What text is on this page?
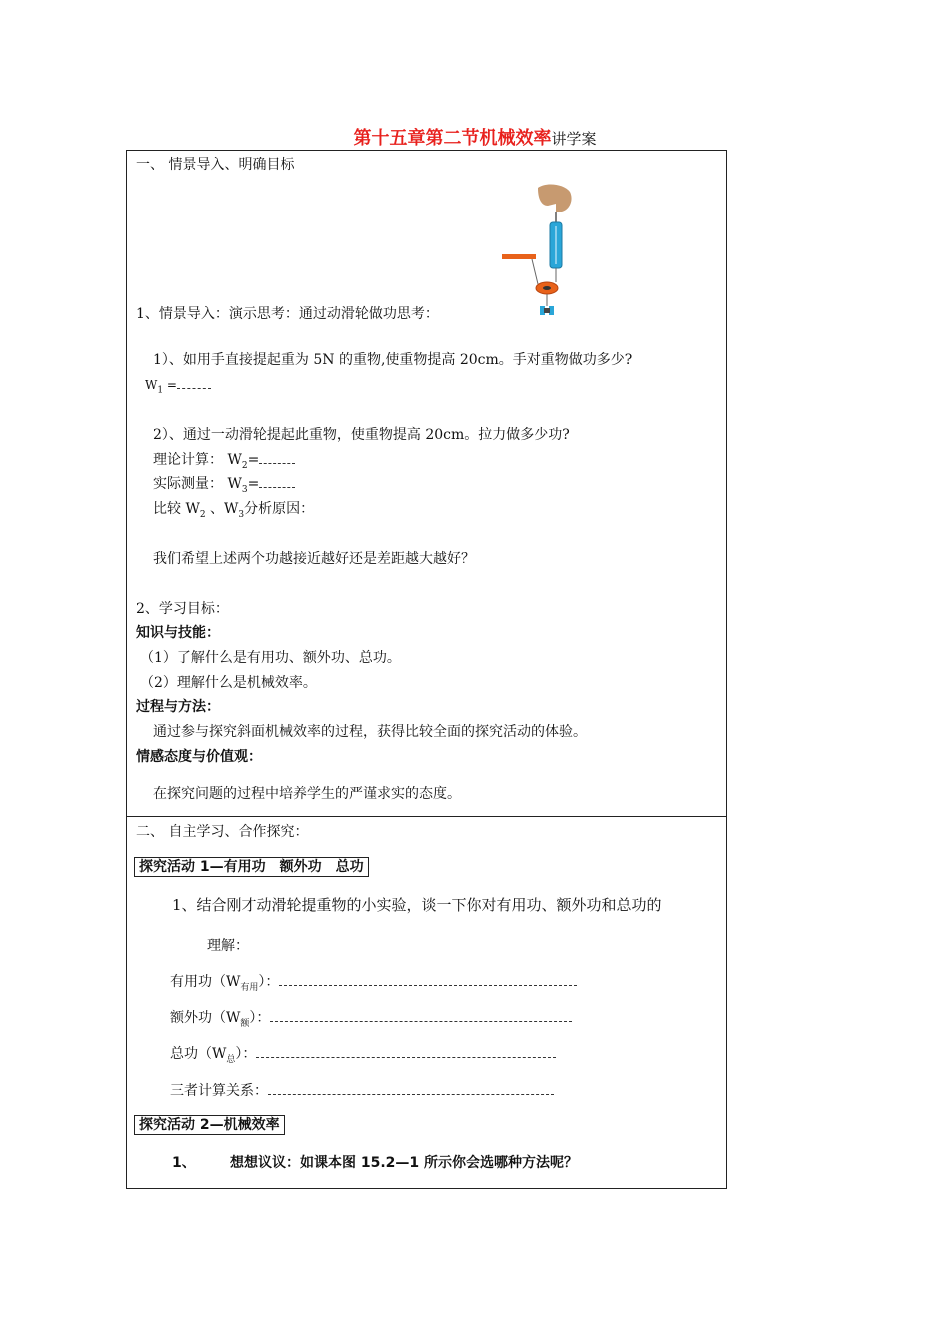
第十五章第二节机械效率讲学案
一、 情景导入、明确目标
1、情景导入：演示思考：通过动滑轮做功思考：
1）、如用手直接提起重为 5N 的重物,使重物提高 20cm。手对重物做功多少?
$W_1$ =
2）、通过一动滑轮提起此重物，使重物提高 20cm。拉力做多少功?
理论计算： $W_2=$
实际测量： $W_3=$
比较 $W_2$ 、$W_3$分析原因：
我们希望上述两个功越接近越好还是差距越大越好？
2、学习目标：
知识与技能：
（1）了解什么是有用功、额外功、总功。
（2）理解什么是机械效率。
过程与方法：
通过参与探究斜面机械效率的过程，获得比较全面的探究活动的体验。
情感态度与价值观：
在探究问题的过程中培养学生的严谨求实的态度。
二、 自主学习、合作探究：
探究活动 1—有用功　额外功　总功
1、结合刚才动滑轮提重物的小实验，谈一下你对有用功、额外功和总功的
理解：
有用功$(W_{有用})$：
额外功$(W_额)$：
总功$(W_总)$：
三者计算关系：
探究活动 2—机械效率
1、 想想议议：如课本图 15.2—1 所示你会选哪种方法呢？
